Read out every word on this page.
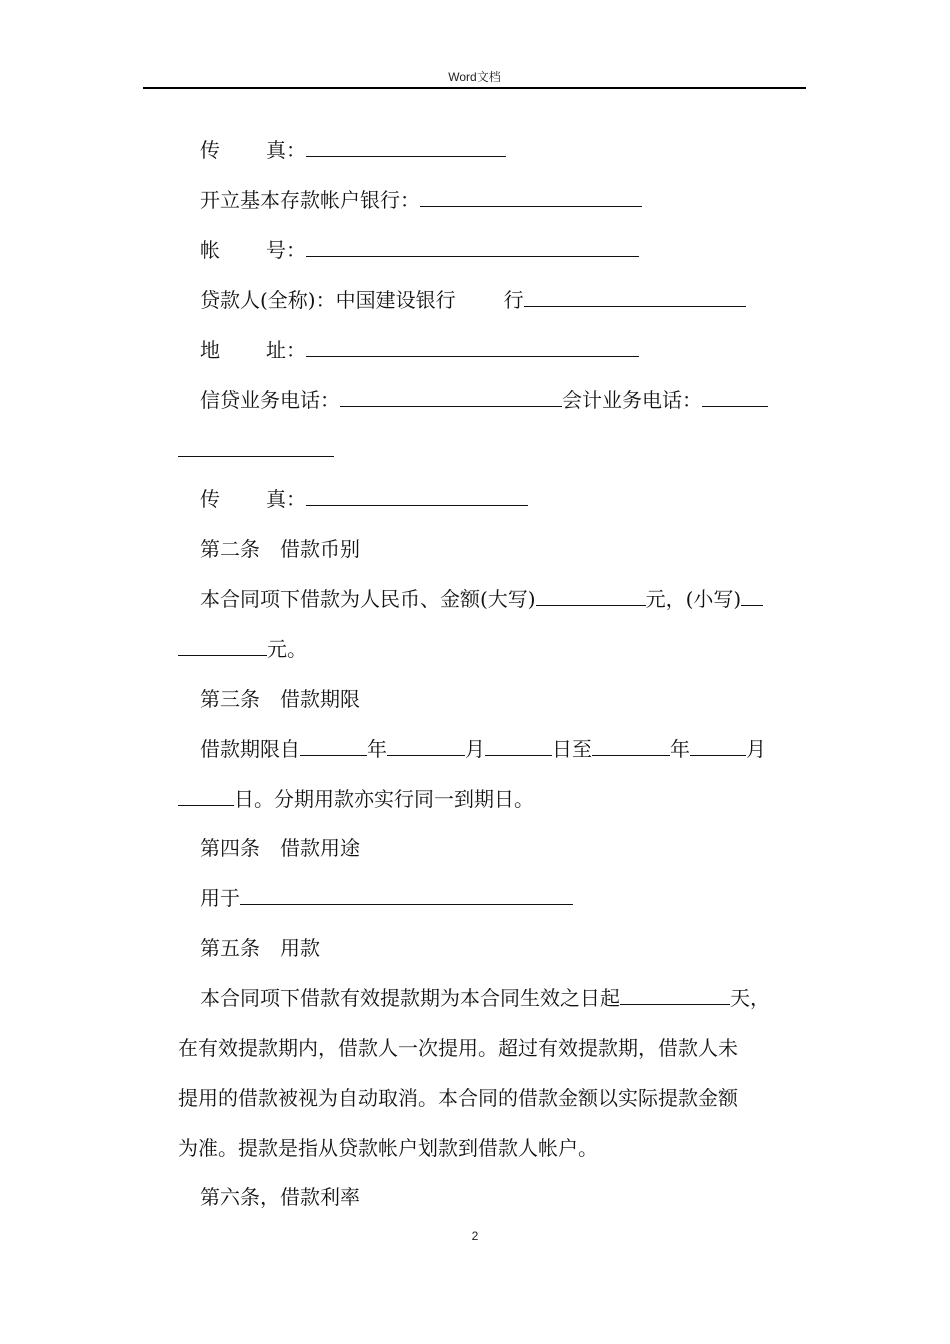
Word文档
传 真：
开立基本存款帐户银行：
帐 号：
贷款人(全称)：中国建设银行 行
地 址：
信贷业务电话：	会计业务电话：
传 真：
第二条　借款币别
本合同项下借款为人民币、金额(大写)	元，(小写)
元。
第三条　借款期限
借款期限自	年	月	日至	年	月
日。分期用款亦实行同一到期日。
第四条　借款用途
用于
第五条　用款
本合同项下借款有效提款期为本合同生效之日起	天，
在有效提款期内，借款人一次提用。超过有效提款期，借款人未
提用的借款被视为自动取消。本合同的借款金额以实际提款金额
为准。提款是指从贷款帐户划款到借款人帐户。
第六条，借款利率
2
